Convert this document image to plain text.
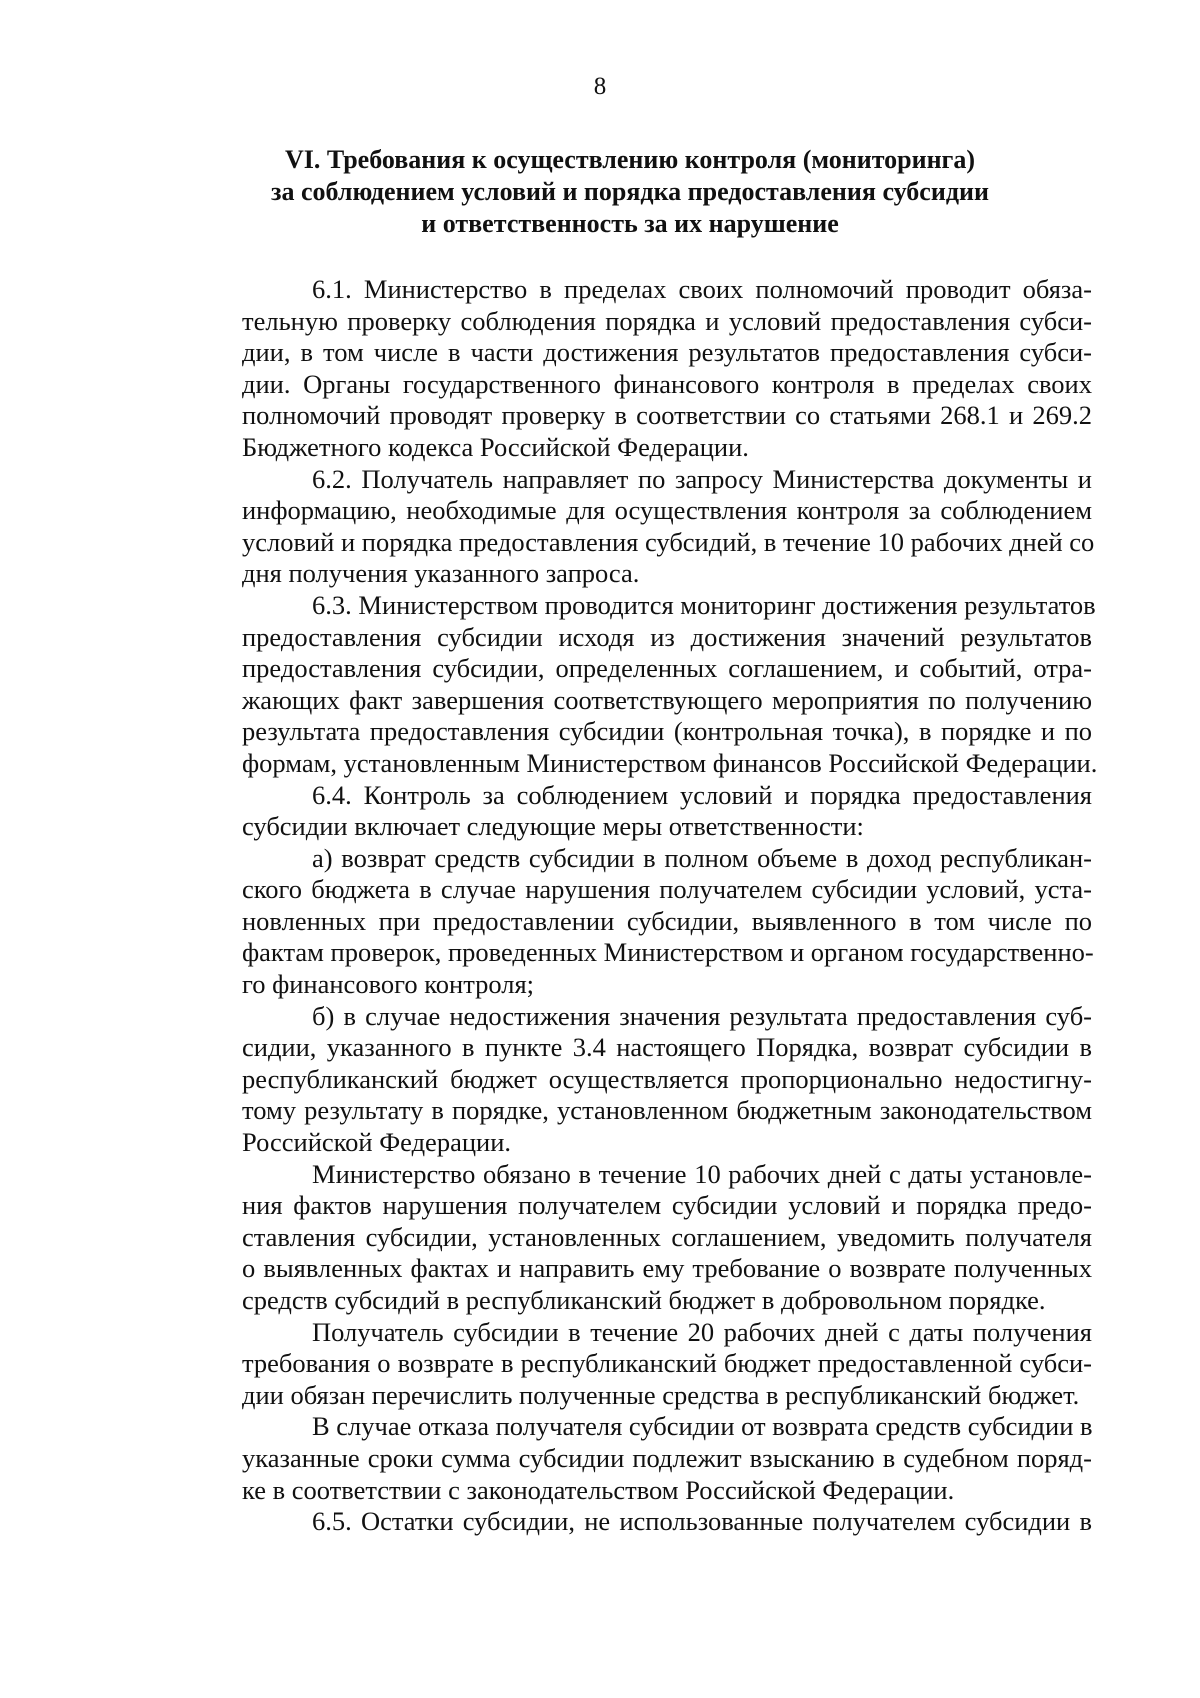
8
VI. Требования к осуществлению контроля (мониторинга)
за соблюдением условий и порядка предоставления субсидии
и ответственность за их нарушение
6.1. Министерство в пределах своих полномочий проводит обяза-
тельную проверку соблюдения порядка и условий предоставления субси-
дии, в том числе в части достижения результатов предоставления субси-
дии. Органы государственного финансового контроля в пределах своих
полномочий проводят проверку в соответствии со статьями 268.1 и 269.2
Бюджетного кодекса Российской Федерации.
6.2. Получатель направляет по запросу Министерства документы и
информацию, необходимые для осуществления контроля за соблюдением
условий и порядка предоставления субсидий, в течение 10 рабочих дней со
дня получения указанного запроса.
6.3. Министерством проводится мониторинг достижения результатов
предоставления субсидии исходя из достижения значений результатов
предоставления субсидии, определенных соглашением, и событий, отра-
жающих факт завершения соответствующего мероприятия по получению
результата предоставления субсидии (контрольная точка), в порядке и по
формам, установленным Министерством финансов Российской Федерации.
6.4. Контроль за соблюдением условий и порядка предоставления
субсидии включает следующие меры ответственности:
а) возврат средств субсидии в полном объеме в доход республикан-
ского бюджета в случае нарушения получателем субсидии условий, уста-
новленных при предоставлении субсидии, выявленного в том числе по
фактам проверок, проведенных Министерством и органом государственно-
го финансового контроля;
б) в случае недостижения значения результата предоставления суб-
сидии, указанного в пункте 3.4 настоящего Порядка, возврат субсидии в
республиканский бюджет осуществляется пропорционально недостигну-
тому результату в порядке, установленном бюджетным законодательством
Российской Федерации.
Министерство обязано в течение 10 рабочих дней с даты установле-
ния фактов нарушения получателем субсидии условий и порядка предо-
ставления субсидии, установленных соглашением, уведомить получателя
о выявленных фактах и направить ему требование о возврате полученных
средств субсидий в республиканский бюджет в добровольном порядке.
Получатель субсидии в течение 20 рабочих дней с даты получения
требования о возврате в республиканский бюджет предоставленной субси-
дии обязан перечислить полученные средства в республиканский бюджет.
В случае отказа получателя субсидии от возврата средств субсидии в
указанные сроки сумма субсидии подлежит взысканию в судебном поряд-
ке в соответствии с законодательством Российской Федерации.
6.5. Остатки субсидии, не использованные получателем субсидии в
